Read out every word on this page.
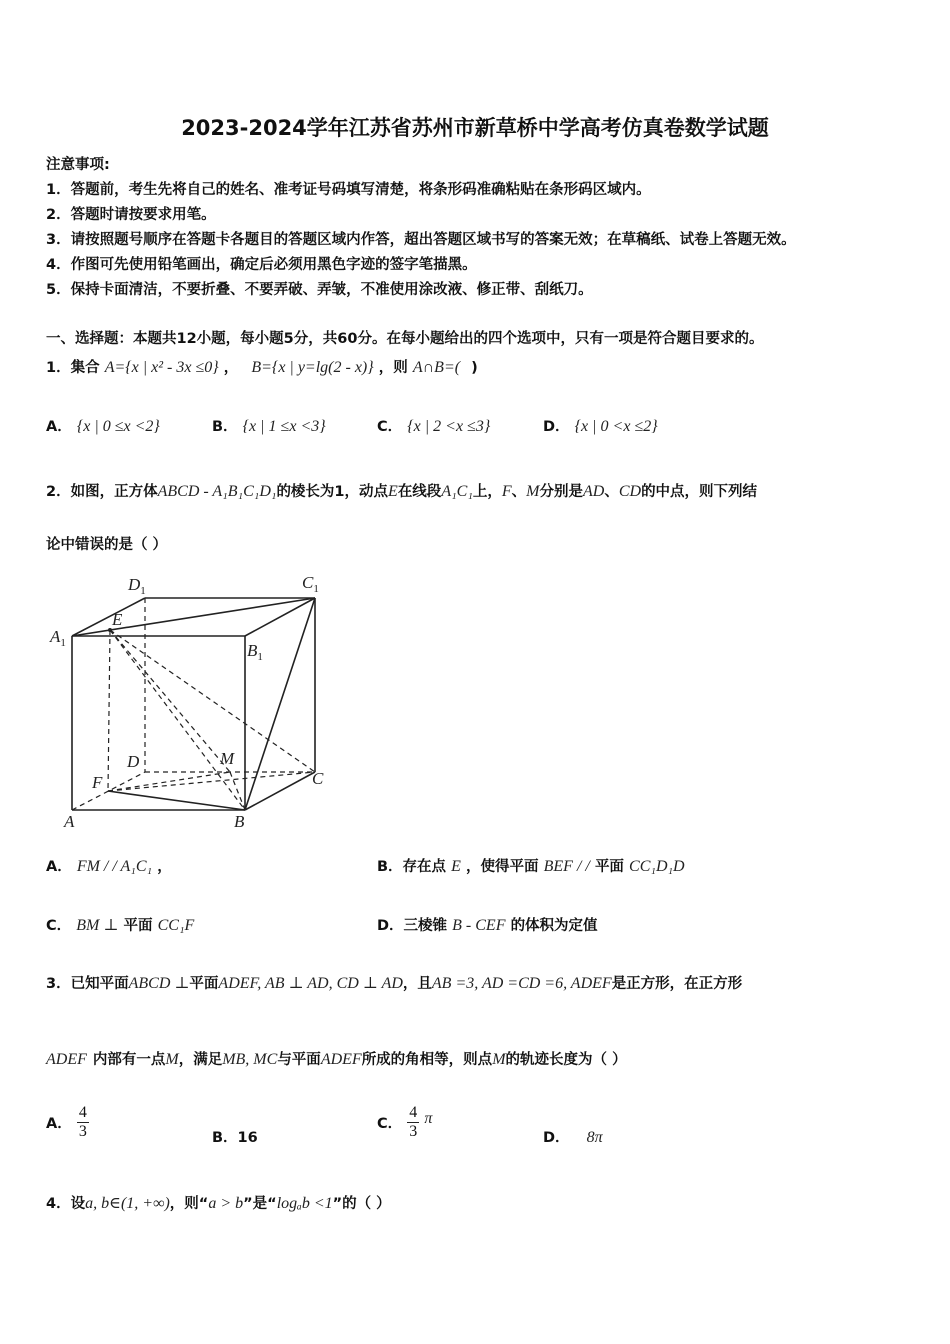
2023-2024学年江苏省苏州市新草桥中学高考仿真卷数学试题
注意事项:
1．答题前，考生先将自己的姓名、准考证号码填写清楚，将条形码准确粘贴在条形码区域内。
2．答题时请按要求用笔。
3．请按照题号顺序在答题卡各题目的答题区域内作答，超出答题区域书写的答案无效；在草稿纸、试卷上答题无效。
4．作图可先使用铅笔画出，确定后必须用黑色字迹的签字笔描黑。
5．保持卡面清洁，不要折叠、不要弄破、弄皱，不准使用涂改液、修正带、刮纸刀。
一、选择题：本题共12小题，每小题5分，共60分。在每小题给出的四个选项中，只有一项是符合题目要求的。
1．集合 A={x | x² - 3x ≤0} ， B={x | y=lg(2 - x)} ，则 A∩B=( )
A． {x | 0 ≤x <2}	B． {x | 1 ≤x <3}	C． {x | 2 <x ≤3}	D． {x | 0 <x ≤2}
2．如图，正方体 ABCD - A₁B₁C₁D₁ 的棱长为1，动点 E 在线段 A₁C₁ 上， F 、 M 分别是 AD 、 CD 的中点，则下列结
论中错误的是（ ）
$D_1$	$C_1$
$A_1$	$B_1$
E
D	M
F	C
A	B
A． FM / / A₁C₁ ，	B．存在点 E ，使得平面 BEF / / 平面 CC₁D₁D
C． BM ⊥ 平面 CC₁F	D．三棱锥 B - CEF 的体积为定值
3．已知平面 ABCD ⊥ 平面 ADEF, AB ⊥ AD, CD ⊥ AD ，且 AB =3, AD =CD =6, ADEF 是正方形，在正方形
ADEF 内部有一点 M ，满足 MB, MC 与平面 ADEF 所成的角相等，则点 M 的轨迹长度为（ ）
A． $\frac{4}{3}$	B．16
C． $\frac{4}{3}$ π
D． 8π
4．设 a, b∈(1, +∞) ，则“ a > b ”是“ logₐb <1 ”的（ ）
